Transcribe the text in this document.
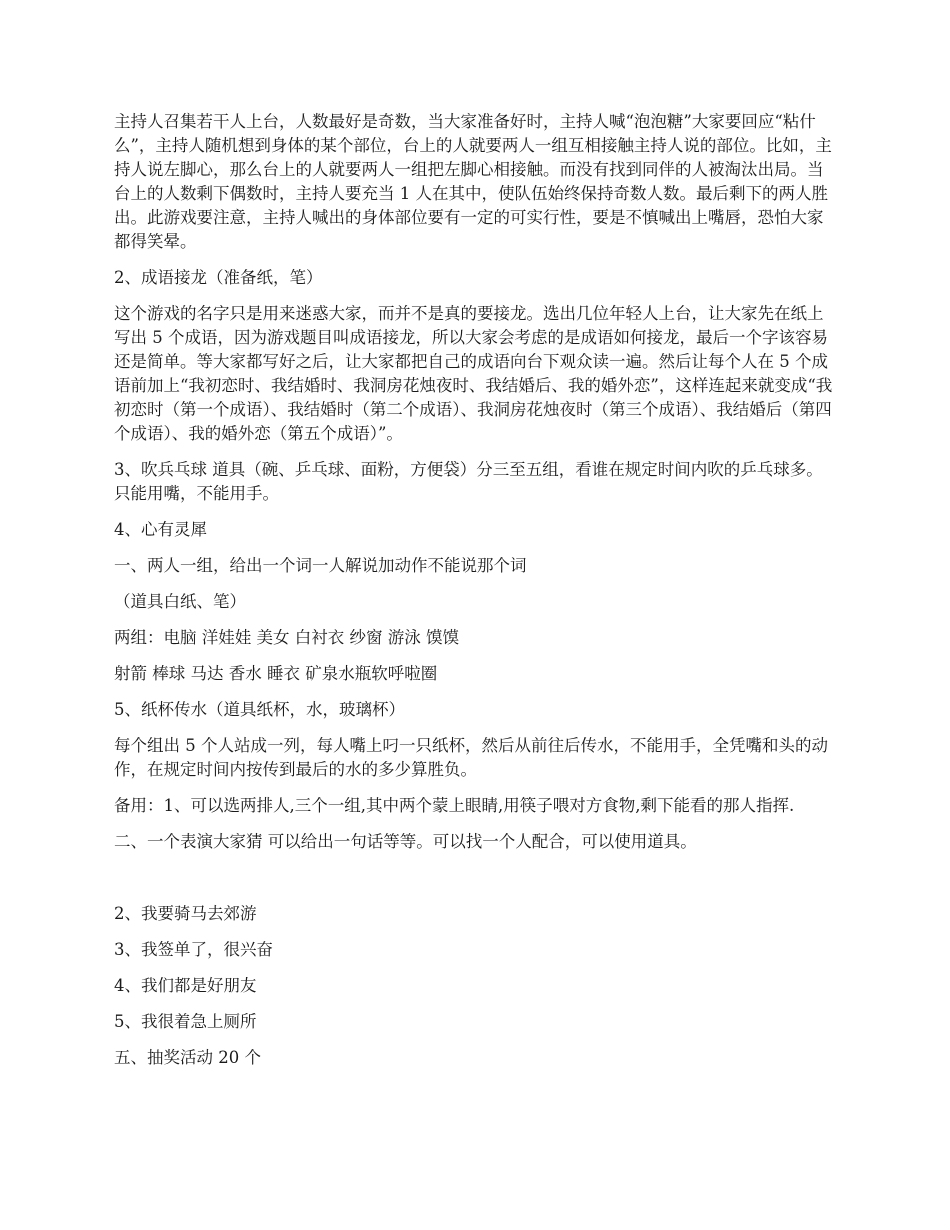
主持人召集若干人上台，人数最好是奇数，当大家准备好时，主持人喊“泡泡糖”大家要回应“粘什么”，主持人随机想到身体的某个部位，台上的人就要两人一组互相接触主持人说的部位。比如，主持人说左脚心，那么台上的人就要两人一组把左脚心相接触。而没有找到同伴的人被淘汰出局。当台上的人数剩下偶数时，主持人要充当 1 人在其中，使队伍始终保持奇数人数。最后剩下的两人胜出。此游戏要注意，主持人喊出的身体部位要有一定的可实行性，要是不慎喊出上嘴唇，恐怕大家都得笑晕。

2、成语接龙（准备纸，笔）

这个游戏的名字只是用来迷惑大家，而并不是真的要接龙。选出几位年轻人上台，让大家先在纸上写出 5 个成语，因为游戏题目叫成语接龙，所以大家会考虑的是成语如何接龙，最后一个字该容易还是简单。等大家都写好之后，让大家都把自己的成语向台下观众读一遍。然后让每个人在 5 个成语前加上“我初恋时、我结婚时、我洞房花烛夜时、我结婚后、我的婚外恋”，这样连起来就变成“我初恋时（第一个成语）、我结婚时（第二个成语）、我洞房花烛夜时（第三个成语）、我结婚后（第四个成语）、我的婚外恋（第五个成语）”。

3、吹兵乓球 道具（碗、乒乓球、面粉，方便袋）分三至五组，看谁在规定时间内吹的乒乓球多。只能用嘴，不能用手。

4、心有灵犀

一、两人一组，给出一个词一人解说加动作不能说那个词

（道具白纸、笔）

两组：电脑 洋娃娃 美女 白衬衣 纱窗 游泳 馍馍

射箭 棒球 马达 香水 睡衣 矿泉水瓶软呼啦圈

5、纸杯传水（道具纸杯，水，玻璃杯）

每个组出 5 个人站成一列，每人嘴上叼一只纸杯，然后从前往后传水，不能用手，全凭嘴和头的动作，在规定时间内按传到最后的水的多少算胜负。

备用：1、可以选两排人,三个一组,其中两个蒙上眼睛,用筷子喂对方食物,剩下能看的那人指挥.

二、一个表演大家猜 可以给出一句话等等。可以找一个人配合，可以使用道具。

2、我要骑马去郊游

3、我签单了，很兴奋

4、我们都是好朋友

5、我很着急上厕所

五、抽奖活动 20 个
